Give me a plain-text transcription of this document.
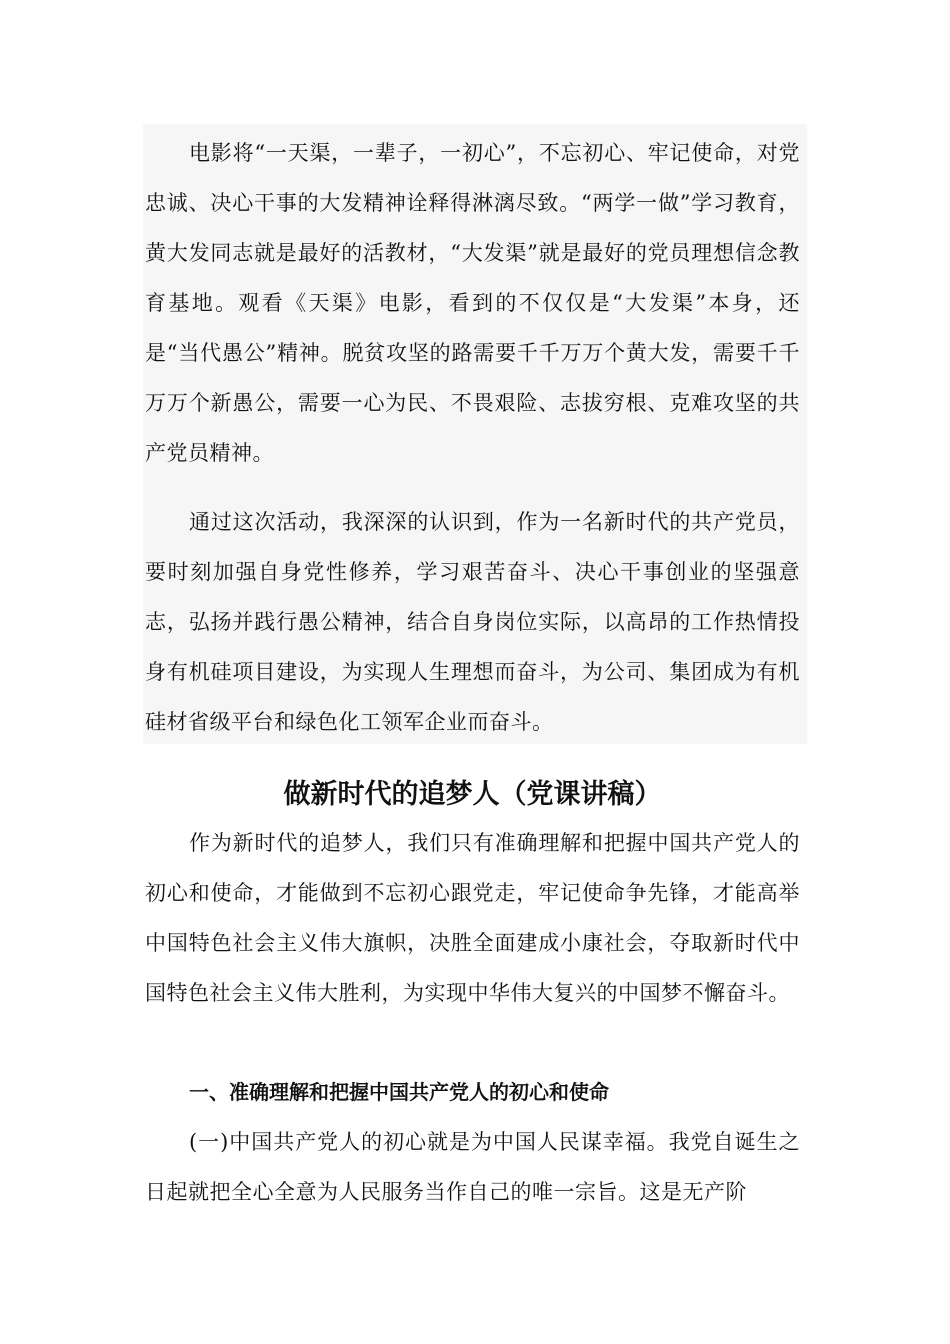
电影将“一天渠，一辈子，一初心”，不忘初心、牢记使命，对党忠诚、决心干事的大发精神诠释得淋漓尽致。“两学一做”学习教育，黄大发同志就是最好的活教材，“大发渠”就是最好的党员理想信念教育基地。观看《天渠》电影，看到的不仅仅是“大发渠”本身，还是“当代愚公”精神。脱贫攻坚的路需要千千万万个黄大发，需要千千万万个新愚公，需要一心为民、不畏艰险、志拔穷根、克难攻坚的共产党员精神。

通过这次活动，我深深的认识到，作为一名新时代的共产党员，要时刻加强自身党性修养，学习艰苦奋斗、决心干事创业的坚强意志，弘扬并践行愚公精神，结合自身岗位实际，以高昂的工作热情投身有机硅项目建设，为实现人生理想而奋斗，为公司、集团成为有机硅材省级平台和绿色化工领军企业而奋斗。

做新时代的追梦人（党课讲稿）

作为新时代的追梦人，我们只有准确理解和把握中国共产党人的初心和使命，才能做到不忘初心跟党走，牢记使命争先锋，才能高举中国特色社会主义伟大旗帜，决胜全面建成小康社会，夺取新时代中国特色社会主义伟大胜利，为实现中华伟大复兴的中国梦不懈奋斗。

一、准确理解和把握中国共产党人的初心和使命

(一)中国共产党人的初心就是为中国人民谋幸福。我党自诞生之日起就把全心全意为人民服务当作自己的唯一宗旨。这是无产阶
